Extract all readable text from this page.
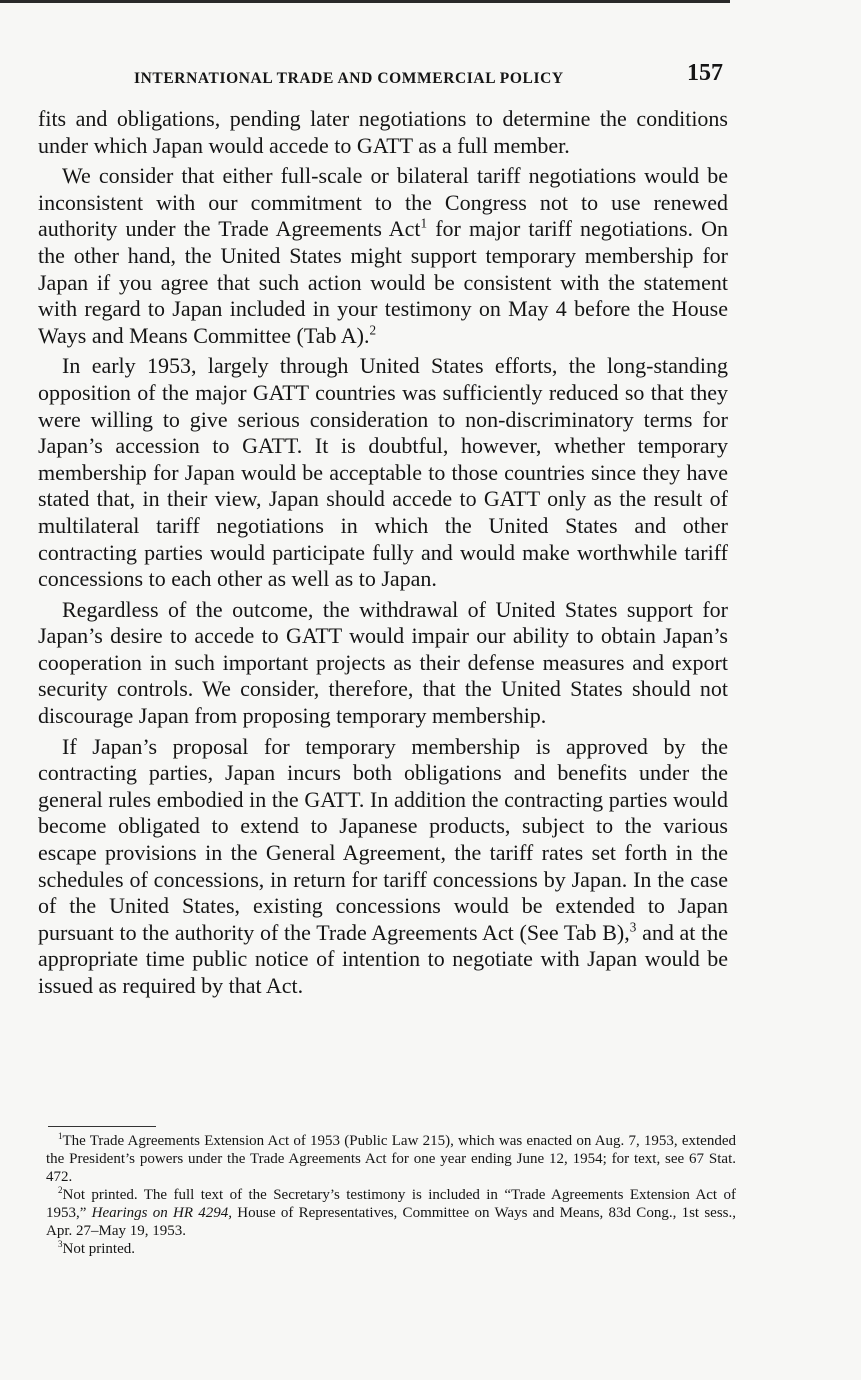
INTERNATIONAL TRADE AND COMMERCIAL POLICY	157

fits and obligations, pending later negotiations to determine the conditions under which Japan would accede to GATT as a full member.

We consider that either full-scale or bilateral tariff negotiations would be inconsistent with our commitment to the Congress not to use renewed authority under the Trade Agreements Act$^1$ for major tariff negotiations. On the other hand, the United States might support temporary membership for Japan if you agree that such action would be consistent with the statement with regard to Japan included in your testimony on May 4 before the House Ways and Means Committee (Tab A).$^2$

In early 1953, largely through United States efforts, the long-standing opposition of the major GATT countries was sufficiently reduced so that they were willing to give serious consideration to non-discriminatory terms for Japan’s accession to GATT. It is doubtful, however, whether temporary membership for Japan would be acceptable to those countries since they have stated that, in their view, Japan should accede to GATT only as the result of multilateral tariff negotiations in which the United States and other contracting parties would participate fully and would make worthwhile tariff concessions to each other as well as to Japan.

Regardless of the outcome, the withdrawal of United States support for Japan’s desire to accede to GATT would impair our ability to obtain Japan’s cooperation in such important projects as their defense measures and export security controls. We consider, therefore, that the United States should not discourage Japan from proposing temporary membership.

If Japan’s proposal for temporary membership is approved by the contracting parties, Japan incurs both obligations and benefits under the general rules embodied in the GATT. In addition the contracting parties would become obligated to extend to Japanese products, subject to the various escape provisions in the General Agreement, the tariff rates set forth in the schedules of concessions, in return for tariff concessions by Japan. In the case of the United States, existing concessions would be extended to Japan pursuant to the authority of the Trade Agreements Act (See Tab B),$^3$ and at the appropriate time public notice of intention to negotiate with Japan would be issued as required by that Act.

$^1$The Trade Agreements Extension Act of 1953 (Public Law 215), which was enacted on Aug. 7, 1953, extended the President’s powers under the Trade Agreements Act for one year ending June 12, 1954; for text, see 67 Stat. 472.

$^2$Not printed. The full text of the Secretary’s testimony is included in “Trade Agreements Extension Act of 1953,” Hearings on HR 4294, House of Representatives, Committee on Ways and Means, 83d Cong., 1st sess., Apr. 27–May 19, 1953.

$^3$Not printed.
